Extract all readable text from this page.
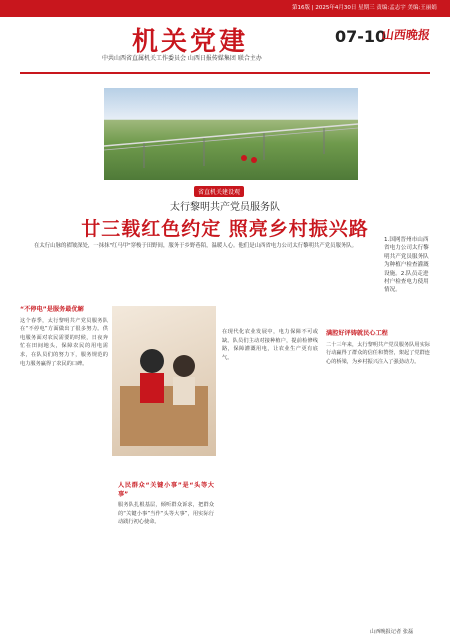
第16版 | 2025年4月30日 星期三 责编:孟志宇 美编:王丽娟
机关党建
中共山西省直属机关工作委员会 山西日报传媒集团 联合主办
07-10
山西晚报
省直机关建设观
太行黎明共产党员服务队
廿三载红色约定 照亮乡村振兴路
在太行山脉的褶皱深处，一抹抹"红马甲"穿梭于田野间，服务于乡野巷陌，温暖人心。他们是山西省电力公司太行黎明共产党员服务队。
1.国网晋州市山西省电力公司太行黎明共产党员服务队为种植户检查灌溉设施。2.队员走进村户检查电力使用情况。
“不停电”是服务最优解
这个春季，太行黎明共产党员服务队在“不停电”方面做出了很多努力。供电服务面对农民需要的时候，日夜奔忙在田间地头，保障农民的用电需求，在队员们的努力下，服务规范的电力服务赢得了农民的口碑。
人民群众“关键小事”是“头等大事”
服务队扎根基层，倾听群众诉求，把群众的“关键小事”当作“头等大事”，用实际行动践行初心使命。
在现代化农业发展中，电力保障不可或缺。队员们主动对接种植户，提前检修线路，保障灌溉用电，让农业生产更有底气。
满腔好评铸就民心工程
二十三年来，太行黎明共产党员服务队用实际行动赢得了群众的信任和赞誉，架起了党群连心的桥梁，为乡村振兴注入了强劲动力。
山西晚报记者 张磊
